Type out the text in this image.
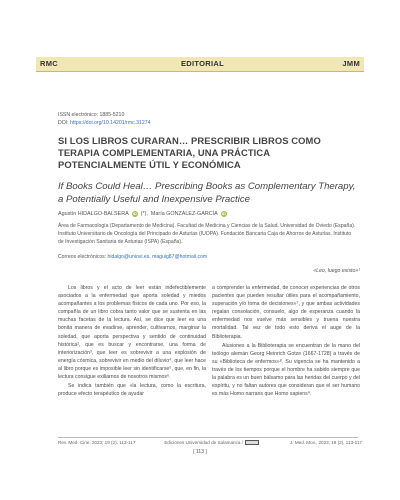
RMC	EDITORIAL	JMM
ISSN electrónico: 1885-5210
DOI: https://doi.org/10.14201/rmc.31274
SI LOS LIBROS CURARAN… PRESCRIBIR LIBROS COMO TERAPIA COMPLEMENTARIA, UNA PRÁCTICA POTENCIALMENTE ÚTIL Y ECONÓMICA
If Books Could Heal… Prescribing Books as Complementary Therapy, a Potentially Useful and Inexpensive Practice
Agustín HIDALGO-BALSERA iD (*), María GONZÁLEZ-GARCÍA iD
Área de Farmacología (Departamento de Medicina). Facultad de Medicina y Ciencias de la Salud. Universidad de Oviedo (España). Instituto Universitario de Oncología del Principado de Asturias (IUOPA). Fundación Bancaria Caja de Ahorros de Asturias. Instituto de Investigación Sanitaria de Asturias (ISPA) (España).
Correos electrónicos: hidalgo@uniovi.es, maguig87@hotmail.com
«Leo, luego existo»¹

Los libros y el acto de leer están indefectiblemente asociados a la enfermedad que aporta soledad y miedos acompañantes a los problemas físicos de cada uno. Por eso, la compañía de un libro cobra tanto valor que se sustenta en las muchas facetas de la lectura. Así, se dice que leer es una bonita manera de evadirse, aprender, cultivarnos, marginar la soledad, que aporta perspectiva y sentido de continuidad histórica², que es buscar y encontrarse, una forma de interiorización³, que leer es sobrevivir a una explosión de energía cósmica, sobrevivir en medio del diluvio⁴, que leer hace al libro porque es imposible leer sin identificarse⁵, que, en fin, la lectura consigue exiliarnos de nosotros mismos⁶.

Se indica también que «la lectura, como la escritura, produce efecto terapéutico de ayudar

a comprender la enfermedad, de conocer experiencias de otros pacientes que pueden resultar útiles para el acompañamiento, superación y/o toma de decisiones»⁷, y que ambas actividades regalan consolación, consuelo, algo de esperanza cuando la enfermedad nos vuelve más sensibles y truena nuestra mortalidad. Tal vez de todo esto deriva el auge de la Biblioterapia.

Alusiones a la Biblioterapia se encuentran de la mano del teólogo alemán Georg Heinrich Gotze (1667-1728) a través de su «Biblioteca de enfermos»⁸. Su vigencia se ha mantenido a través de los tiempos porque el hombre ha sabido siempre que la palabra es un buen bálsamo para las heridas del cuerpo y del espíritu, y no faltan autores que consideran que el ser humano es más Homo narrans que Homo sapiens⁹.

Rev. Med. Cine. 2023; 19 (2), 113-117	Ediciones Universidad de Salamanca /	J. Med. Mov., 2023; 19 (2), 113-117
[ 113 ]
